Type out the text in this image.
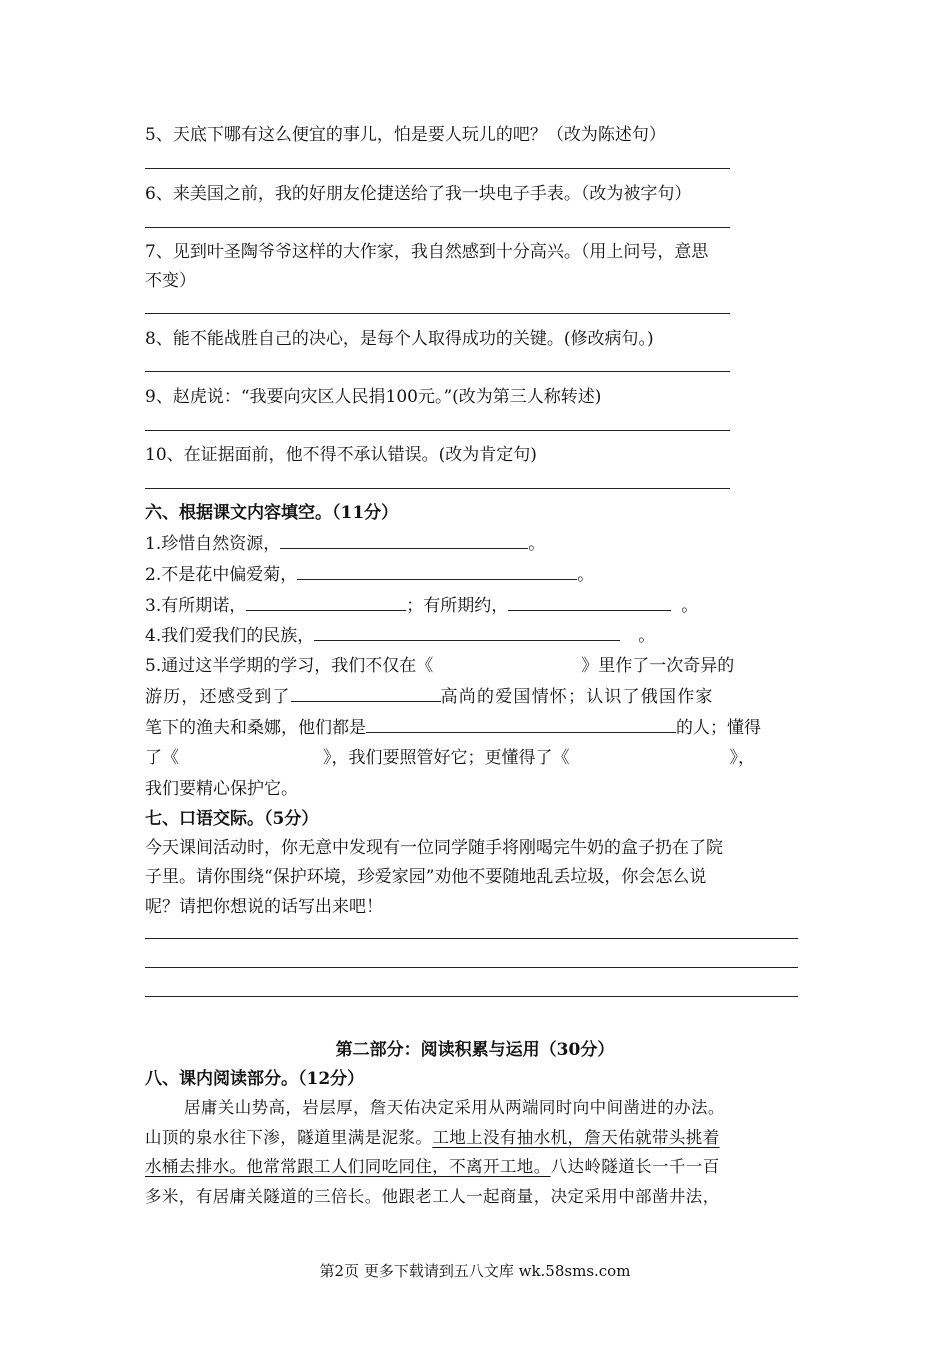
5、天底下哪有这么便宜的事儿，怕是要人玩儿的吧？（改为陈述句）
6、来美国之前，我的好朋友伦捷送给了我一块电子手表。（改为被字句）
7、见到叶圣陶爷爷这样的大作家，我自然感到十分高兴。（用上问号，意思
不变）
8、能不能战胜自己的决心，是每个人取得成功的关键。(修改病句。)
9、赵虎说：“我要向灾区人民捐100元。”(改为第三人称转述)
10、在证据面前，他不得不承认错误。(改为肯定句)
六、根据课文内容填空。（11分）
1.珍惜自然资源，	。
2.不是花中偏爱菊，	。
3.有所期诺，	；有所期约，	。
4.我们爱我们的民族，	。
5.通过这半学期的学习，我们不仅在《	》里作了一次奇异的
游历，还感受到了	高尚的爱国情怀；认识了俄国作家
笔下的渔夫和桑娜，他们都是	的人；懂得
了《	》，我们要照管好它；更懂得了《	》，
我们要精心保护它。
七、口语交际。（5分）
今天课间活动时，你无意中发现有一位同学随手将刚喝完牛奶的盒子扔在了院
子里。请你围绕“保护环境，珍爱家园”劝他不要随地乱丢垃圾，你会怎么说
呢？请把你想说的话写出来吧！
第二部分：阅读积累与运用（30分）
八、课内阅读部分。（12分）
居庸关山势高，岩层厚，詹天佑决定采用从两端同时向中间凿进的办法。
山顶的泉水往下渗，隧道里满是泥浆。工地上没有抽水机，詹天佑就带头挑着
水桶去排水。他常常跟工人们同吃同住，不离开工地。八达岭隧道长一千一百
多米，有居庸关隧道的三倍长。他跟老工人一起商量，决定采用中部凿井法，
第2页 更多下载请到五八文库 wk.58sms.com
